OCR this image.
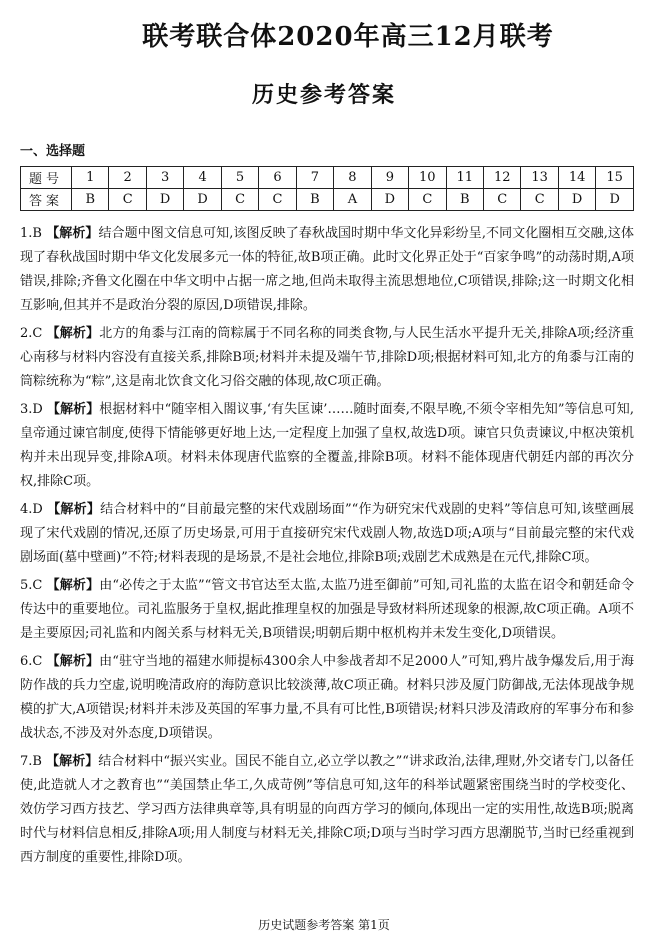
联考联合体2020年高三12月联考
历史参考答案
一、选择题
题号	1	2	3	4	5	6	7	8	9	10	11	12	13	14	15
答案	B	C	D	D	C	C	B	A	D	C	B	C	C	D	D

1.B 【解析】结合题中图文信息可知,该图反映了春秋战国时期中华文化异彩纷呈,不同文化圈相互交融,这体现了春秋战国时期中华文化发展多元一体的特征,故B项正确。此时文化界正处于“百家争鸣”的动荡时期,A项错误,排除;齐鲁文化圈在中华文明中占据一席之地,但尚未取得主流思想地位,C项错误,排除;这一时期文化相互影响,但其并不是政治分裂的原因,D项错误,排除。

2.C 【解析】北方的角黍与江南的筒粽属于不同名称的同类食物,与人民生活水平提升无关,排除A项;经济重心南移与材料内容没有直接关系,排除B项;材料并未提及端午节,排除D项;根据材料可知,北方的角黍与江南的筒粽统称为“粽”,这是南北饮食文化习俗交融的体现,故C项正确。

3.D 【解析】根据材料中“随宰相入閤议事,‘有失匡谏’……随时面奏,不限早晚,不须令宰相先知”等信息可知,皇帝通过谏官制度,使得下情能够更好地上达,一定程度上加强了皇权,故选D项。谏官只负责谏议,中枢决策机构并未出现异变,排除A项。材料未体现唐代监察的全覆盖,排除B项。材料不能体现唐代朝廷内部的再次分权,排除C项。

4.D 【解析】结合材料中的“目前最完整的宋代戏剧场面”“作为研究宋代戏剧的史料”等信息可知,该壁画展现了宋代戏剧的情况,还原了历史场景,可用于直接研究宋代戏剧人物,故选D项;A项与“目前最完整的宋代戏剧场面(墓中壁画)”不符;材料表现的是场景,不是社会地位,排除B项;戏剧艺术成熟是在元代,排除C项。

5.C 【解析】由“必传之于太监”“管文书官达至太监,太监乃进至御前”可知,司礼监的太监在诏令和朝廷命令传达中的重要地位。司礼监服务于皇权,据此推理皇权的加强是导致材料所述现象的根源,故C项正确。A项不是主要原因;司礼监和内阁关系与材料无关,B项错误;明朝后期中枢机构并未发生变化,D项错误。

6.C 【解析】由“驻守当地的福建水师提标4300余人中参战者却不足2000人”可知,鸦片战争爆发后,用于海防作战的兵力空虚,说明晚清政府的海防意识比较淡薄,故C项正确。材料只涉及厦门防御战,无法体现战争规模的扩大,A项错误;材料并未涉及英国的军事力量,不具有可比性,B项错误;材料只涉及清政府的军事分布和参战状态,不涉及对外态度,D项错误。

7.B 【解析】结合材料中“振兴实业。国民不能自立,必立学以教之”“讲求政治,法律,理财,外交诸专门,以备任使,此造就人才之教育也”“美国禁止华工,久成苛例”等信息可知,这年的科举试题紧密围绕当时的学校变化、效仿学习西方技艺、学习西方法律典章等,具有明显的向西方学习的倾向,体现出一定的实用性,故选B项;脱离时代与材料信息相反,排除A项;用人制度与材料无关,排除C项;D项与当时学习西方思潮脱节,当时已经重视到西方制度的重要性,排除D项。

历史试题参考答案 第1页
